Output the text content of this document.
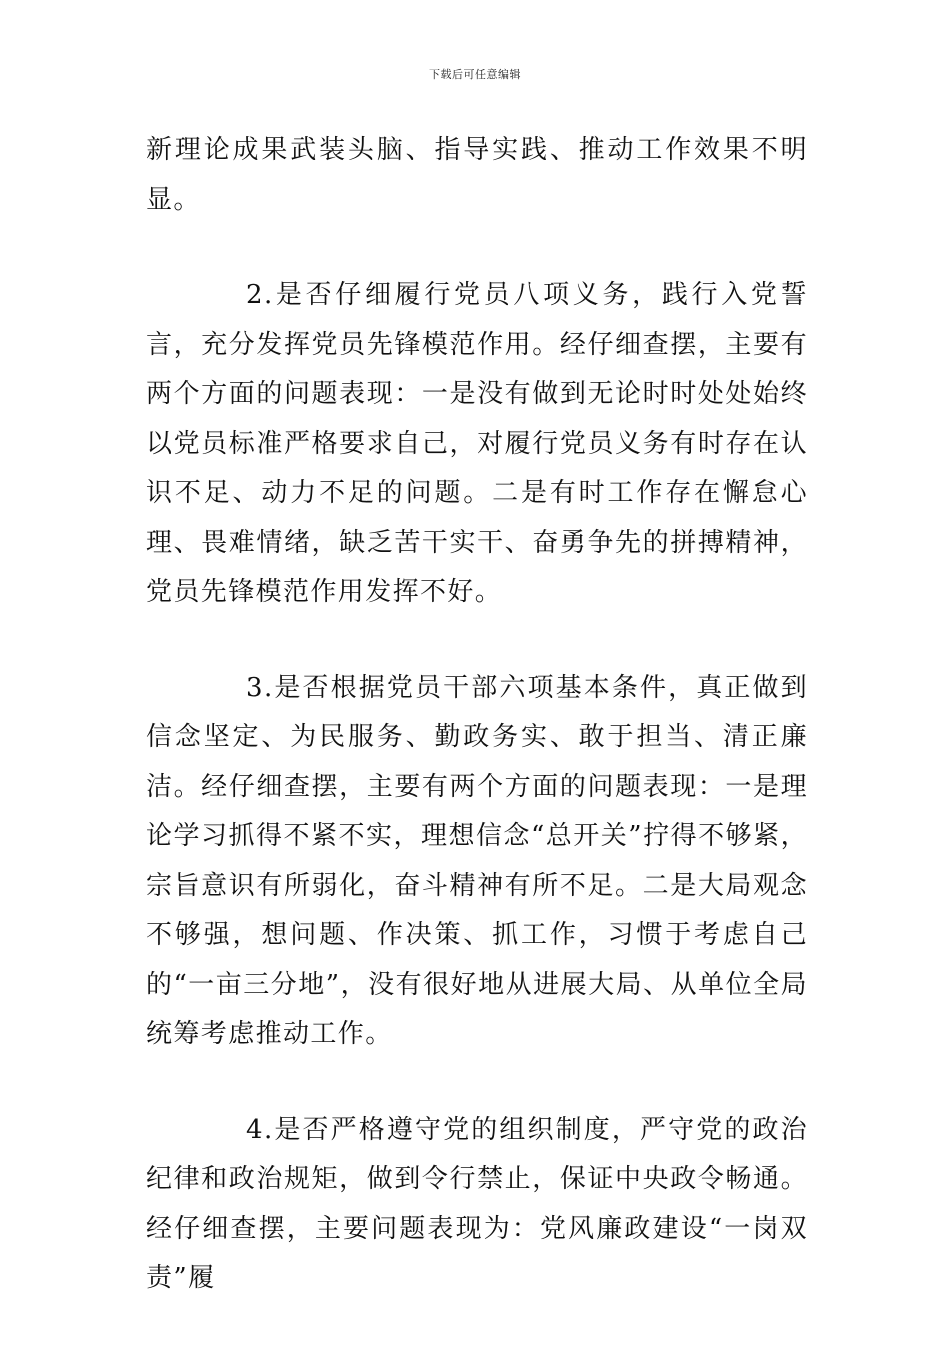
下载后可任意编辑

新理论成果武装头脑、指导实践、推动工作效果不明显。

2.是否仔细履行党员八项义务，践行入党誓言，充分发挥党员先锋模范作用。经仔细查摆，主要有两个方面的问题表现：一是没有做到无论时时处处始终以党员标准严格要求自己，对履行党员义务有时存在认识不足、动力不足的问题。二是有时工作存在懈怠心理、畏难情绪，缺乏苦干实干、奋勇争先的拼搏精神，党员先锋模范作用发挥不好。

3.是否根据党员干部六项基本条件，真正做到信念坚定、为民服务、勤政务实、敢于担当、清正廉洁。经仔细查摆，主要有两个方面的问题表现：一是理论学习抓得不紧不实，理想信念“总开关”拧得不够紧，宗旨意识有所弱化，奋斗精神有所不足。二是大局观念不够强，想问题、作决策、抓工作，习惯于考虑自己的“一亩三分地”，没有很好地从进展大局、从单位全局统筹考虑推动工作。

4.是否严格遵守党的组织制度，严守党的政治纪律和政治规矩，做到令行禁止，保证中央政令畅通。经仔细查摆，主要问题表现为：党风廉政建设“一岗双责”履
